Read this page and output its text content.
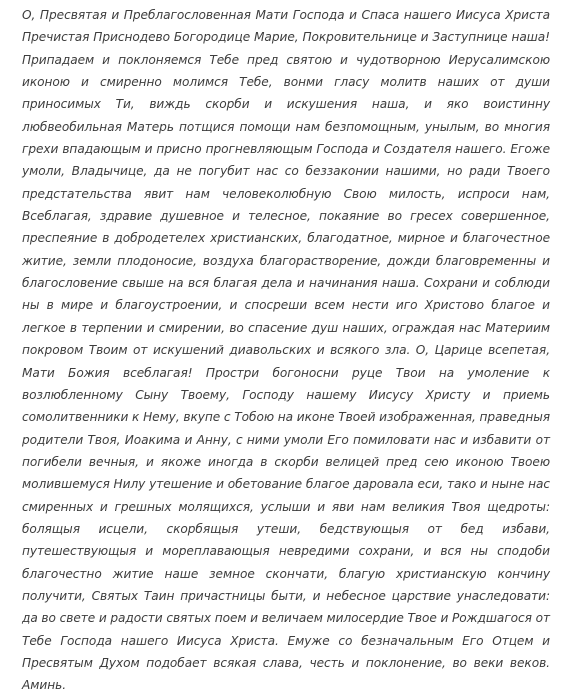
О, Пресвятая и Преблагословенная Мати Господа и Спаса нашего Иисуса Христа Пречистая Приснодево Богородице Марие, Покровительнице и Заступнице наша! Припадаем и поклоняемся Тебе пред святою и чудотворною Иерусалимскою иконою и смиренно молимся Тебе, вонми гласу молитв наших от души приносимых Ти, виждь скорби и искушения наша, и яко воистинну любвеобильная Матерь потщися помощи нам безпомощным, унылым, во многия грехи впадающым и присно прогневляющым Господа и Создателя нашего. Егоже умоли, Владычице, да не погубит нас со беззаконии нашими, но ради Твоего предстательства явит нам человеколюбную Свою милость, испроси нам, Всеблагая, здравие душевное и телесное, покаяние во гресех совершенное, преспеяние в добродетелех христианских, благодатное, мирное и благочестное житие, земли плодоносие, воздуха благорастворение, дожди благовременны и благословение свыше на вся благая дела и начинания наша. Сохрани и соблюди ны в мире и благоустроении, и спосpеши всем нести иго Христово благое и легкое в терпении и смирении, во спасение душ наших, ограждая нас Материим покровом Твоим от искушений диавольских и всякого зла. О, Царице всепетая, Мати Божия всеблагая! Простри богоносни руце Твои на умоление к возлюбленному Сыну Твоему, Господу нашему Иисусу Христу и приемь сомолитвенники к Нему, вкупе с Тобою на иконе Твоей изображенная, праведныя родители Твоя, Иоакима и Анну, с ними умоли Его помиловати нас и избавити от погибели вечныя, и якоже иногда в скорби велицей пред сею иконою Твоею молившемуся Нилу утешение и обетование благое даровала еси, тако и ныне нас смиренных и грешных молящихся, услыши и яви нам великия Твоя щедроты: болящыя исцели, скорбящыя утеши, бедствующыя от бед избави, путешествующыя и мореплавающыя невредими сохрани, и вся ны сподоби благочестно житие наше земное скончати, благую христианскую кончину получити, Святых Таин причастницы быти, и небесное царствие унаследовати: да во свете и радости святых поем и величаем милосердие Твое и Рождшагося от Тебе Господа нашего Иисуса Христа. Емуже со безначальным Его Отцем и Пресвятым Духом подобает всякая слава, честь и поклонение, во веки веков. Аминь.
